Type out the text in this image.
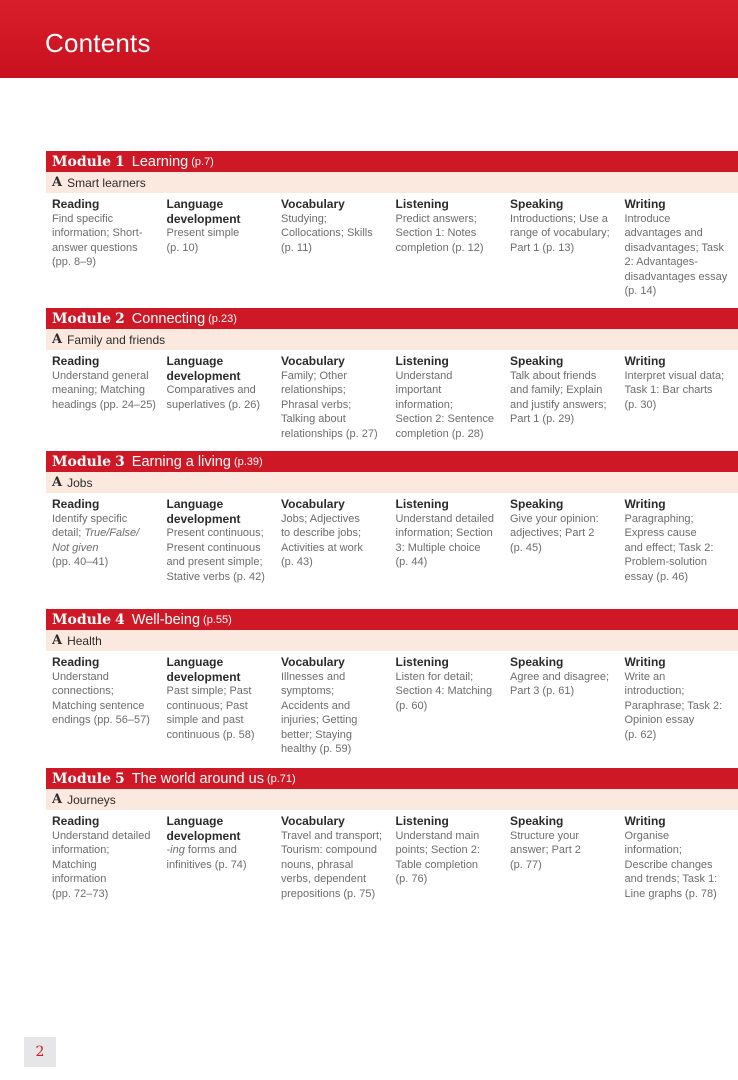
Contents
Module 1 Learning (p.7)
A Smart learners
Reading
Find specific
information; Short-
answer questions
(pp. 8–9)
Language
development
Present simple
(p. 10)
Vocabulary
Studying;
Collocations; Skills
(p. 11)
Listening
Predict answers;
Section 1: Notes
completion (p. 12)
Speaking
Introductions; Use a
range of vocabulary;
Part 1 (p. 13)
Writing
Introduce
advantages and
disadvantages; Task
2: Advantages-
disadvantages essay
(p. 14)
Module 2 Connecting (p.23)
A Family and friends
Reading
Understand general
meaning; Matching
headings (pp. 24–25)
Language
development
Comparatives and
superlatives (p. 26)
Vocabulary
Family; Other
relationships;
Phrasal verbs;
Talking about
relationships (p. 27)
Listening
Understand
important
information;
Section 2: Sentence
completion (p. 28)
Speaking
Talk about friends
and family; Explain
and justify answers;
Part 1 (p. 29)
Writing
Interpret visual data;
Task 1: Bar charts
(p. 30)
Module 3 Earning a living (p.39)
A Jobs
Reading
Identify specific
detail; True/False/
Not given
(pp. 40–41)
Language
development
Present continuous;
Present continuous
and present simple;
Stative verbs (p. 42)
Vocabulary
Jobs; Adjectives
to describe jobs;
Activities at work
(p. 43)
Listening
Understand detailed
information; Section
3: Multiple choice
(p. 44)
Speaking
Give your opinion:
adjectives; Part 2
(p. 45)
Writing
Paragraphing;
Express cause
and effect; Task 2:
Problem-solution
essay (p. 46)
Module 4 Well-being (p.55)
A Health
Reading
Understand
connections;
Matching sentence
endings (pp. 56–57)
Language
development
Past simple; Past
continuous; Past
simple and past
continuous (p. 58)
Vocabulary
Illnesses and
symptoms;
Accidents and
injuries; Getting
better; Staying
healthy (p. 59)
Listening
Listen for detail;
Section 4: Matching
(p. 60)
Speaking
Agree and disagree;
Part 3 (p. 61)
Writing
Write an
introduction;
Paraphrase; Task 2:
Opinion essay
(p. 62)
Module 5 The world around us (p.71)
A Journeys
Reading
Understand detailed
information;
Matching
information
(pp. 72–73)
Language
development
-ing forms and
infinitives (p. 74)
Vocabulary
Travel and transport;
Tourism: compound
nouns, phrasal
verbs, dependent
prepositions (p. 75)
Listening
Understand main
points; Section 2:
Table completion
(p. 76)
Speaking
Structure your
answer; Part 2
(p. 77)
Writing
Organise
information;
Describe changes
and trends; Task 1:
Line graphs (p. 78)
2
